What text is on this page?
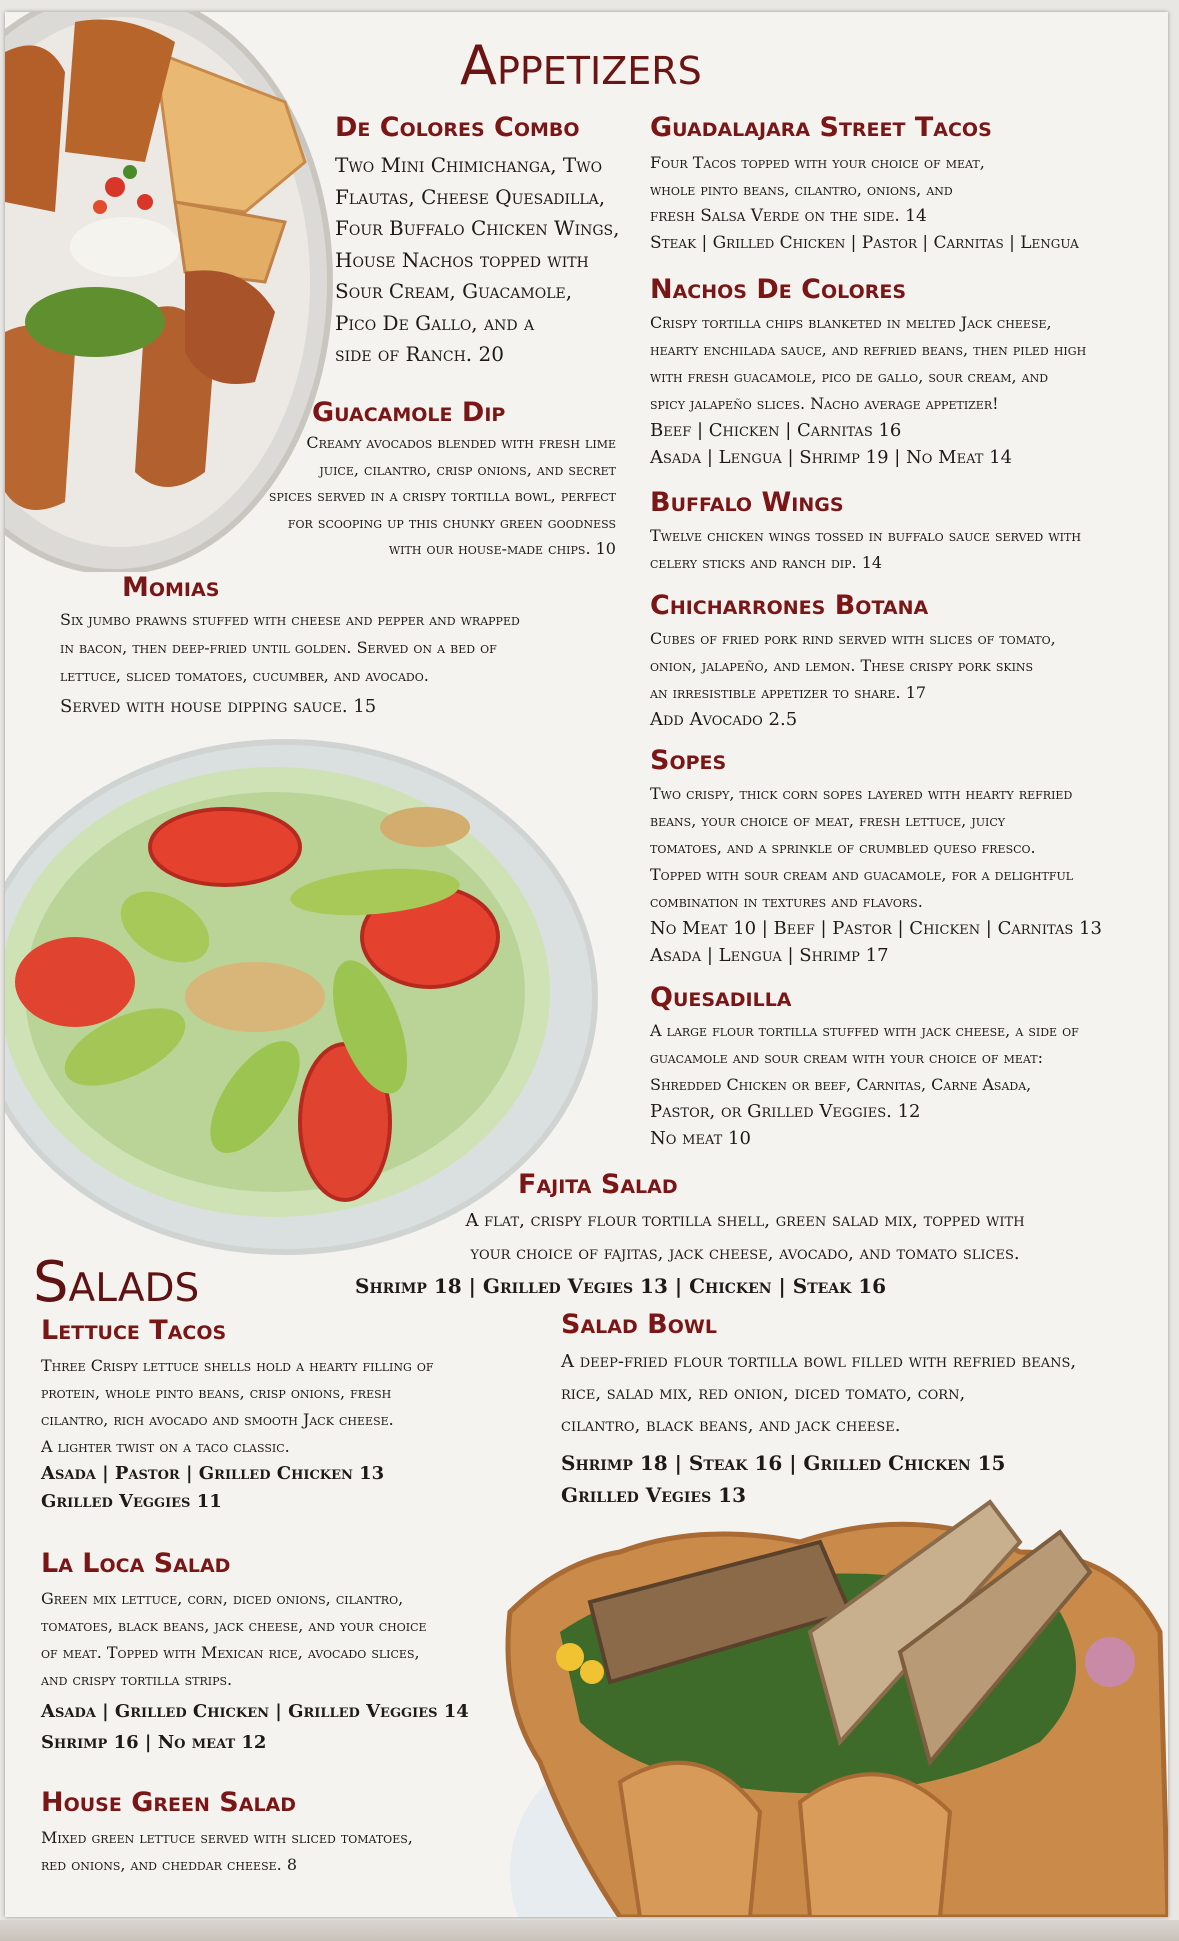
Appetizers
Salads
De Colores Combo
Two Mini Chimichanga, Two
Flautas, Cheese Quesadilla,
Four Buffalo Chicken Wings,
House Nachos topped with
Sour Cream, Guacamole,
Pico De Gallo, and a
side of Ranch. 20
Guacamole Dip
Creamy avocados blended with fresh lime
juice, cilantro, crisp onions, and secret
spices served in a crispy tortilla bowl, perfect
for scooping up this chunky green goodness
with our house-made chips. 10
Momias
Six jumbo prawns stuffed with cheese and pepper and wrapped
in bacon, then deep-fried until golden. Served on a bed of
lettuce, sliced tomatoes, cucumber, and avocado.
Served with house dipping sauce. 15
Guadalajara Street Tacos
Four Tacos topped with your choice of meat,
whole pinto beans, cilantro, onions, and
fresh Salsa Verde on the side. 14
Steak | Grilled Chicken | Pastor | Carnitas | Lengua
Nachos De Colores
Crispy tortilla chips blanketed in melted Jack cheese,
hearty enchilada sauce, and refried beans, then piled high
with fresh guacamole, pico de gallo, sour cream, and
spicy jalapeño slices. Nacho average appetizer!
Beef | Chicken | Carnitas 16
Asada | Lengua | Shrimp 19 | No Meat 14
Buffalo Wings
Twelve chicken wings tossed in buffalo sauce served with
celery sticks and ranch dip. 14
Chicharrones Botana
Cubes of fried pork rind served with slices of tomato,
onion, jalapeño, and lemon. These crispy pork skins
an irresistible appetizer to share. 17
Add Avocado 2.5
Sopes
Two crispy, thick corn sopes layered with hearty refried
beans, your choice of meat, fresh lettuce, juicy
tomatoes, and a sprinkle of crumbled queso fresco.
Topped with sour cream and guacamole, for a delightful
combination in textures and flavors.
No Meat 10 | Beef | Pastor | Chicken | Carnitas 13
Asada | Lengua | Shrimp 17
Quesadilla
A large flour tortilla stuffed with jack cheese, a side of
guacamole and sour cream with your choice of meat:
Shredded Chicken or beef, Carnitas, Carne Asada,
Pastor, or Grilled Veggies. 12
No meat 10
Fajita Salad
A flat, crispy flour tortilla shell, green salad mix, topped with
your choice of fajitas, jack cheese, avocado, and tomato slices.
Shrimp 18 | Grilled Vegies 13 | Chicken | Steak 16
Lettuce Tacos
Three Crispy lettuce shells hold a hearty filling of
protein, whole pinto beans, crisp onions, fresh
cilantro, rich avocado and smooth Jack cheese.
A lighter twist on a taco classic.
Asada | Pastor | Grilled Chicken 13
Grilled Veggies 11
Salad Bowl
A deep-fried flour tortilla bowl filled with refried beans,
rice, salad mix, red onion, diced tomato, corn,
cilantro, black beans, and jack cheese.
Shrimp 18 | Steak 16 | Grilled Chicken 15
Grilled Vegies 13
La Loca Salad
Green mix lettuce, corn, diced onions, cilantro,
tomatoes, black beans, jack cheese, and your choice
of meat. Topped with Mexican rice, avocado slices,
and crispy tortilla strips.
Asada | Grilled Chicken | Grilled Veggies 14
Shrimp 16 | No meat 12
House Green Salad
Mixed green lettuce served with sliced tomatoes,
red onions, and cheddar cheese. 8
